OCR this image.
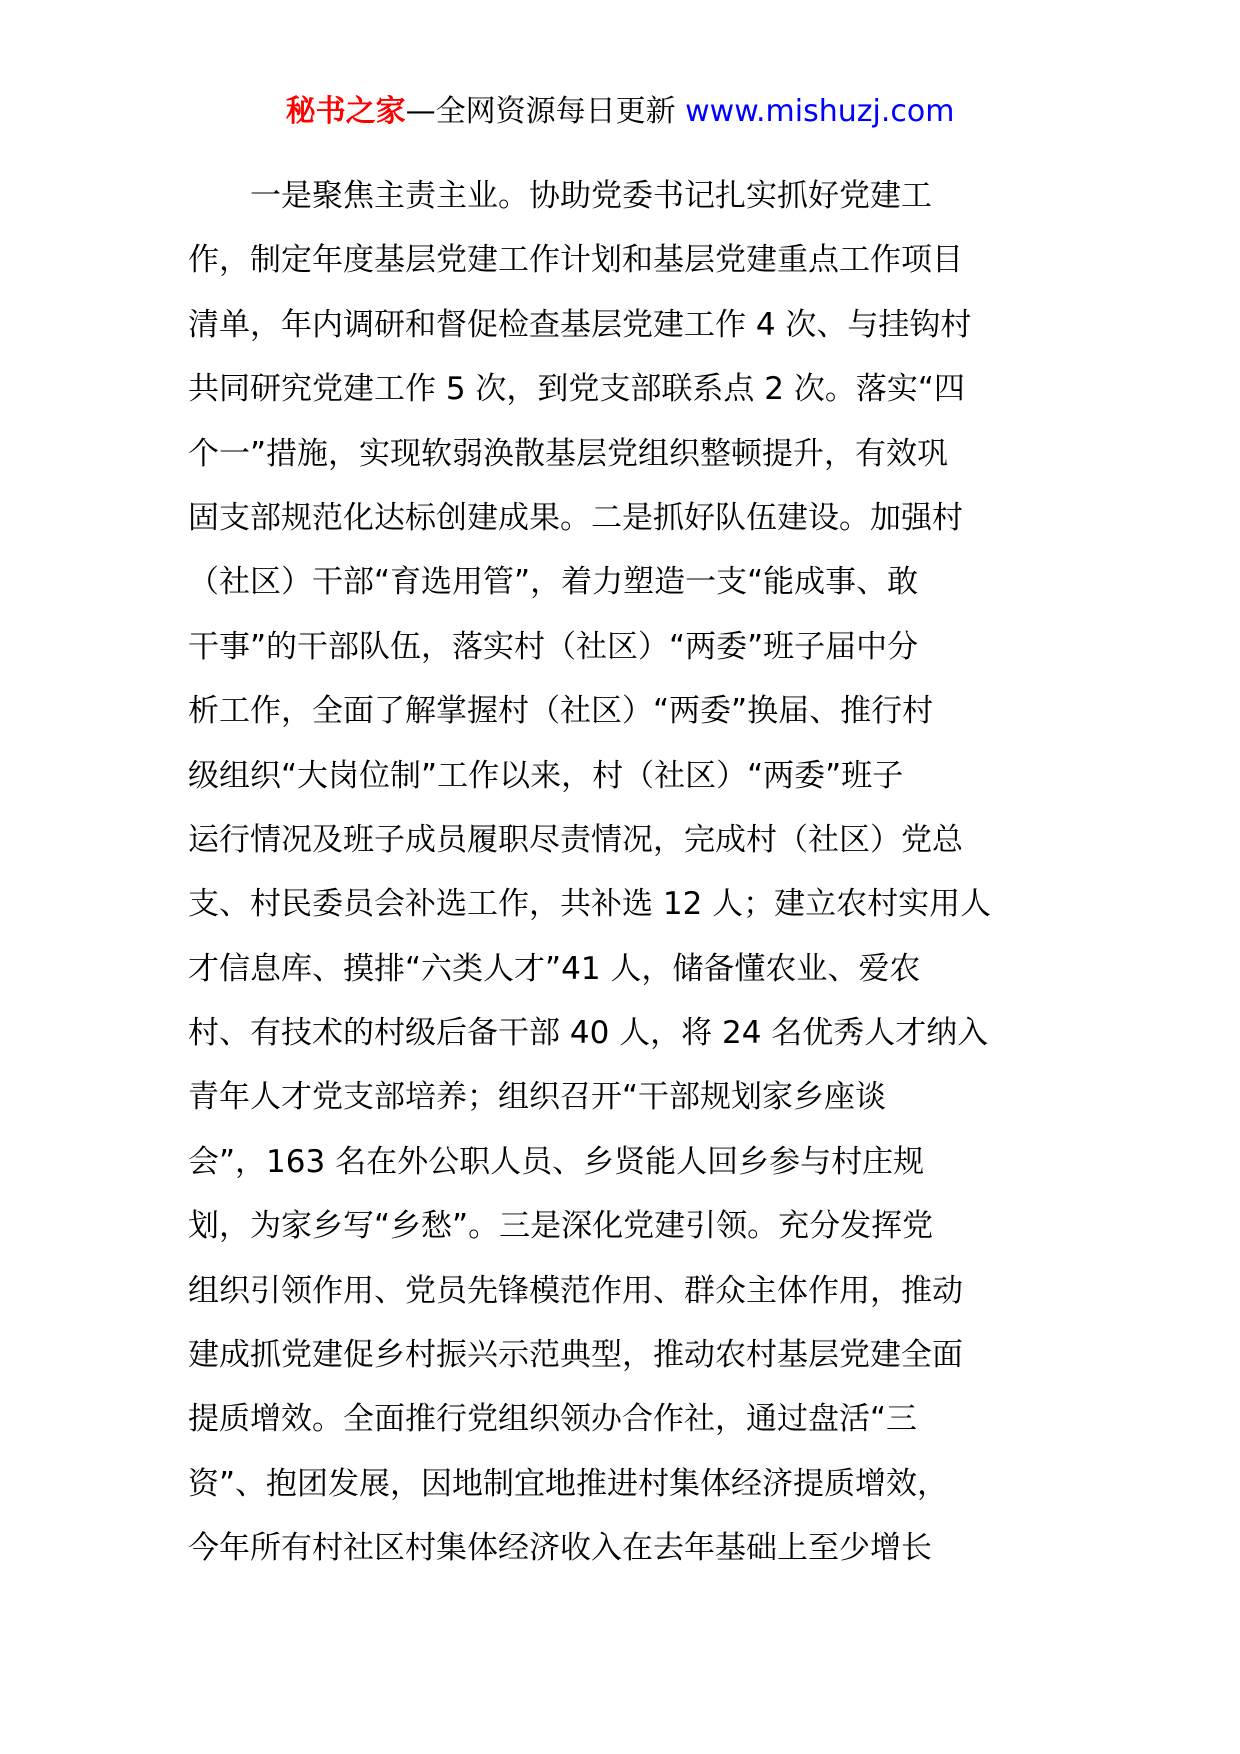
秘书之家—全网资源每日更新 www.mishuzj.com
　　一是聚焦主责主业。协助党委书记扎实抓好党建工
作，制定年度基层党建工作计划和基层党建重点工作项目
清单，年内调研和督促检查基层党建工作 4 次、与挂钩村
共同研究党建工作 5 次，到党支部联系点 2 次。落实“四
个一”措施，实现软弱涣散基层党组织整顿提升，有效巩
固支部规范化达标创建成果。二是抓好队伍建设。加强村
（社区）干部“育选用管”，着力塑造一支“能成事、敢
干事”的干部队伍，落实村（社区）“两委”班子届中分
析工作，全面了解掌握村（社区）“两委”换届、推行村
级组织“大岗位制”工作以来，村（社区）“两委”班子
运行情况及班子成员履职尽责情况，完成村（社区）党总
支、村民委员会补选工作，共补选 12 人；建立农村实用人
才信息库、摸排“六类人才”41 人，储备懂农业、爱农
村、有技术的村级后备干部 40 人，将 24 名优秀人才纳入
青年人才党支部培养；组织召开“干部规划家乡座谈
会”，163 名在外公职人员、乡贤能人回乡参与村庄规
划，为家乡写“乡愁”。三是深化党建引领。充分发挥党
组织引领作用、党员先锋模范作用、群众主体作用，推动
建成抓党建促乡村振兴示范典型，推动农村基层党建全面
提质增效。全面推行党组织领办合作社，通过盘活“三
资”、抱团发展，因地制宜地推进村集体经济提质增效，
今年所有村社区村集体经济收入在去年基础上至少增长
